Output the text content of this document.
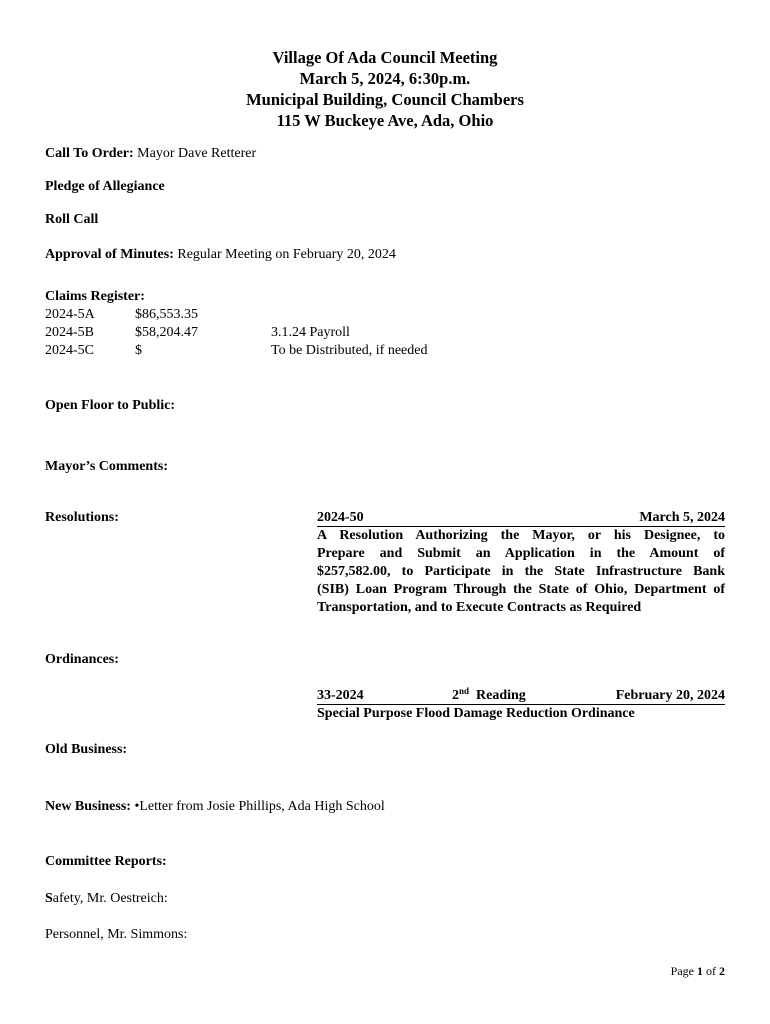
Village Of Ada Council Meeting
March 5, 2024, 6:30p.m.
Municipal Building, Council Chambers
115 W Buckeye Ave, Ada, Ohio
Call To Order: Mayor Dave Retterer
Pledge of Allegiance
Roll Call
Approval of Minutes: Regular Meeting on February 20, 2024
Claims Register:
2024-5A	$86,553.35
2024-5B	$58,204.47	3.1.24 Payroll
2024-5C	$	To be Distributed, if needed
Open Floor to Public:
Mayor’s Comments:
Resolutions:	2024-50	March 5, 2024
A Resolution Authorizing the Mayor, or his Designee, to
Prepare and Submit an Application in the Amount of
$257,582.00, to Participate in the State Infrastructure Bank
(SIB) Loan Program Through the State of Ohio, Department of
Transportation, and to Execute Contracts as Required
Ordinances:
33-2024	2nd Reading	February 20, 2024
Special Purpose Flood Damage Reduction Ordinance
Old Business:
New Business: •Letter from Josie Phillips, Ada High School
Committee Reports:
Safety, Mr. Oestreich:
Personnel, Mr. Simmons:
Page 1 of 2
